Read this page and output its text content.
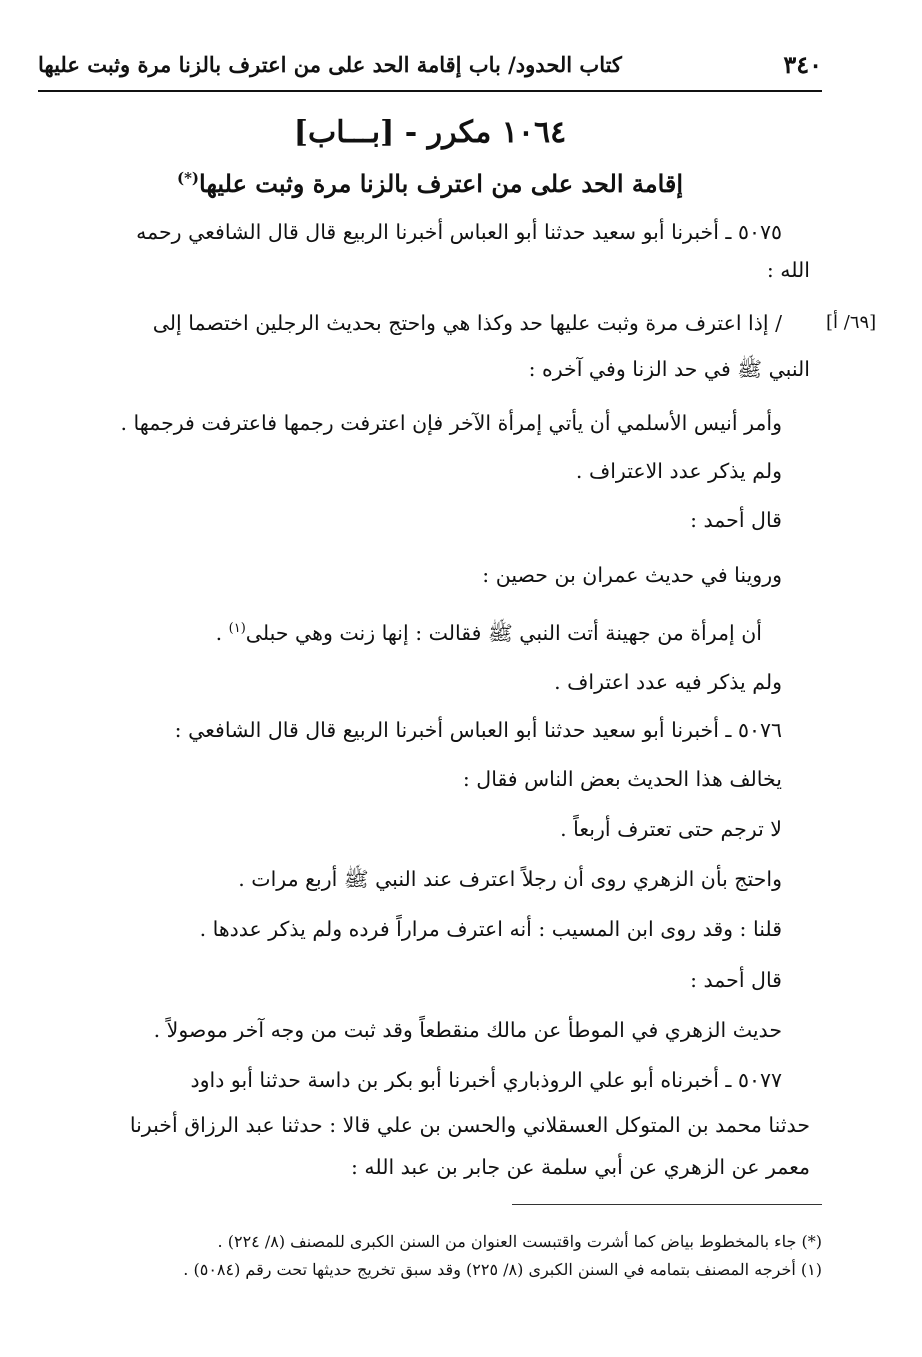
٣٤٠
كتاب الحدود/ باب إقامة الحد على من اعترف بالزنا مرة وثبت عليها
١٠٦٤ مكرر - [بـــاب]
إقامة الحد على من اعترف بالزنا مرة وثبت عليها(*)
[٦٩/ أ]
٥٠٧٥ ـ أخبرنا أبو سعيد حدثنا أبو العباس أخبرنا الربيع قال قال الشافعي رحمه
الله :
/ إذا اعترف مرة وثبت عليها حد وكذا هي واحتج بحديث الرجلين اختصما إلى
النبي ﷺ في حد الزنا وفي آخره :
وأمر أنيس الأسلمي أن يأتي إمرأة الآخر فإن اعترفت رجمها فاعترفت فرجمها .
ولم يذكر عدد الاعتراف .
قال أحمد :
وروينا في حديث عمران بن حصين :
أن إمرأة من جهينة أتت النبي ﷺ فقالت : إنها زنت وهي حبلى$^{(١)}$ .
ولم يذكر فيه عدد اعتراف .
٥٠٧٦ ـ أخبرنا أبو سعيد حدثنا أبو العباس أخبرنا الربيع قال قال الشافعي :
يخالف هذا الحديث بعض الناس فقال :
لا ترجم حتى تعترف أربعاً .
واحتج بأن الزهري روى أن رجلاً اعترف عند النبي ﷺ أربع مرات .
قلنا : وقد روى ابن المسيب : أنه اعترف مراراً فرده ولم يذكر عددها .
قال أحمد :
حديث الزهري في الموطأ عن مالك منقطعاً وقد ثبت من وجه آخر موصولاً .
٥٠٧٧ ـ أخبرناه أبو علي الروذباري أخبرنا أبو بكر بن داسة حدثنا أبو داود
حدثنا محمد بن المتوكل العسقلاني والحسن بن علي قالا : حدثنا عبد الرزاق أخبرنا
معمر عن الزهري عن أبي سلمة عن جابر بن عبد الله :
(*) جاء بالمخطوط بياض كما أشرت واقتبست العنوان من السنن الكبرى للمصنف (٨/ ٢٢٤) .
(١) أخرجه المصنف بتمامه في السنن الكبرى (٨/ ٢٢٥) وقد سبق تخريج حديثها تحت رقم (٥٠٨٤) .
